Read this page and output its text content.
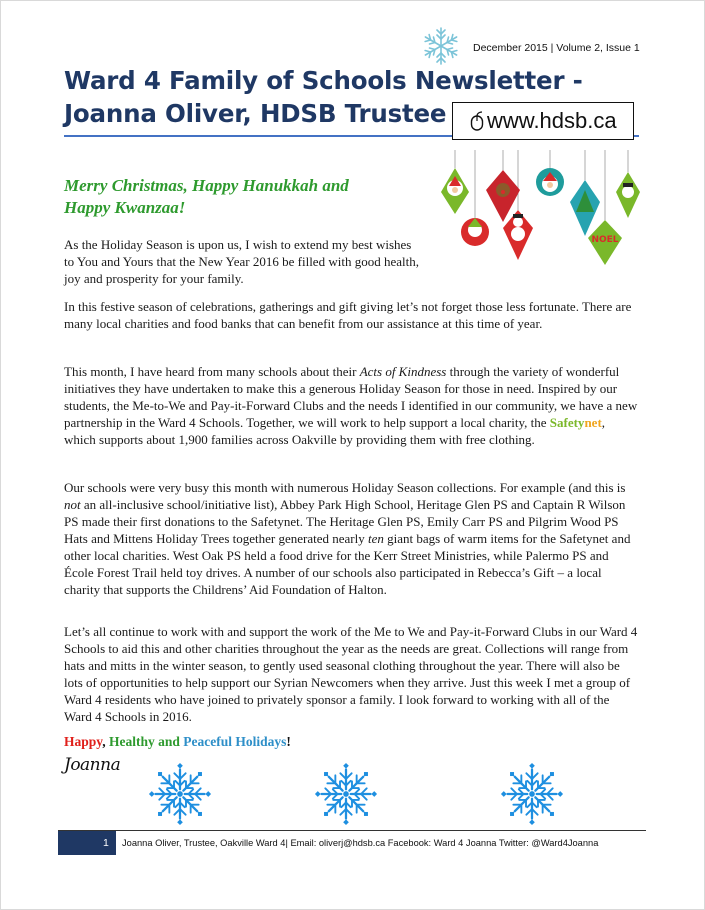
December 2015 | Volume 2, Issue 1
Ward 4 Family of Schools Newsletter -
Joanna Oliver, HDSB Trustee	www.hdsb.ca
Merry Christmas, Happy Hanukkah and
Happy Kwanzaa!
NOEL

As the Holiday Season is upon us, I wish to extend my best wishes to You and Yours that the New Year 2016 be filled with good health, joy and prosperity for your family.

In this festive season of celebrations, gatherings and gift giving let’s not forget those less fortunate. There are many local charities and food banks that can benefit from our assistance at this time of year.

This month, I have heard from many schools about their Acts of Kindness through the variety of wonderful initiatives they have undertaken to make this a generous Holiday Season for those in need. Inspired by our students, the Me-to-We and Pay-it-Forward Clubs and the needs I identified in our community, we have a new partnership in the Ward 4 Schools. Together, we will work to help support a local charity, the Safetynet, which supports about 1,900 families across Oakville by providing them with free clothing.

Our schools were very busy this month with numerous Holiday Season collections. For example (and this is not an all-inclusive school/initiative list), Abbey Park High School, Heritage Glen PS and Captain R Wilson PS made their first donations to the Safetynet. The Heritage Glen PS, Emily Carr PS and Pilgrim Wood PS Hats and Mittens Holiday Trees together generated nearly ten giant bags of warm items for the Safetynet and other local charities. West Oak PS held a food drive for the Kerr Street Ministries, while Palermo PS and École Forest Trail held toy drives. A number of our schools also participated in Rebecca’s Gift – a local charity that supports the Childrens’ Aid Foundation of Halton.

Let’s all continue to work with and support the work of the Me to We and Pay-it-Forward Clubs in our Ward 4 Schools to aid this and other charities throughout the year as the needs are great. Collections will range from hats and mitts in the winter season, to gently used seasonal clothing throughout the year. There will also be lots of opportunities to help support our Syrian Newcomers when they arrive. Just this week I met a group of Ward 4 residents who have joined to privately sponsor a family. I look forward to working with all of the Ward 4 Schools in 2016.

Happy, Healthy and Peaceful Holidays!

Joanna
1 Joanna Oliver, Trustee, Oakville Ward 4| Email: oliverj@hdsb.ca Facebook: Ward 4 Joanna Twitter: @Ward4Joanna
